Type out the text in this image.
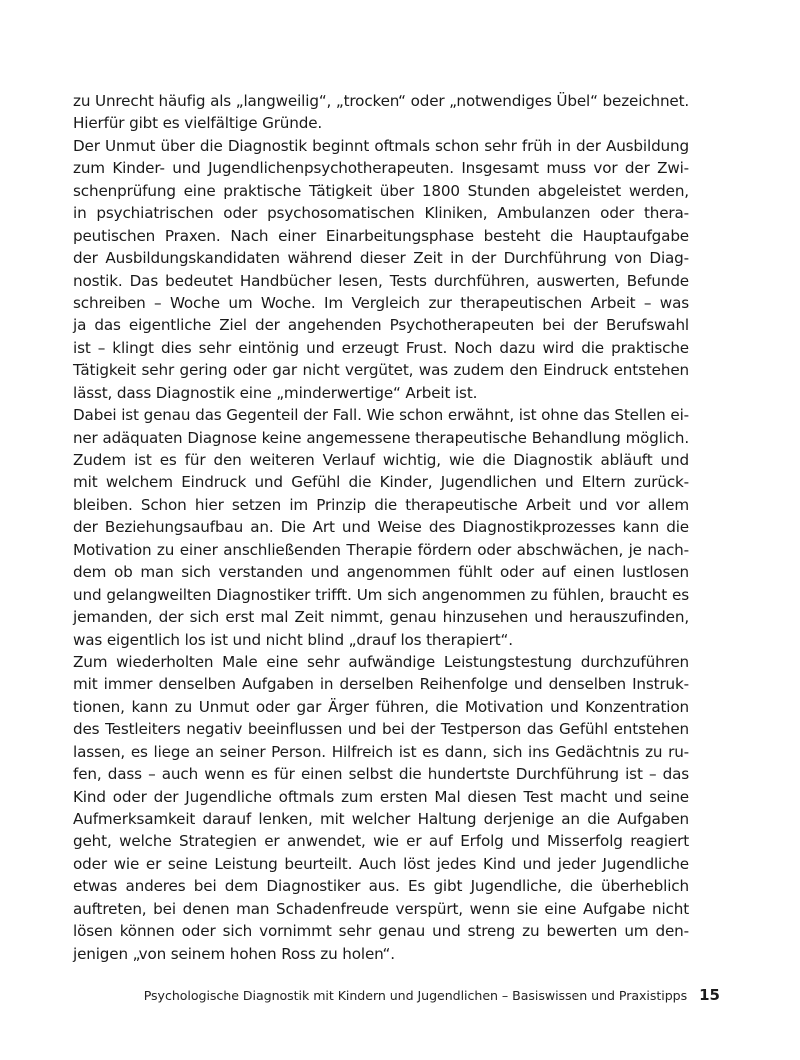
zu Unrecht häufig als „langweilig“, „trocken“ oder „notwendiges Übel“ bezeichnet.
Hierfür gibt es vielfältige Gründe.
Der Unmut über die Diagnostik beginnt oftmals schon sehr früh in der Ausbildung
zum Kinder- und Jugendlichenpsychotherapeuten. Insgesamt muss vor der Zwi-
schenprüfung eine praktische Tätigkeit über 1800 Stunden abgeleistet werden,
in psychiatrischen oder psychosomatischen Kliniken, Ambulanzen oder thera-
peutischen Praxen. Nach einer Einarbeitungsphase besteht die Hauptaufgabe
der Ausbildungskandidaten während dieser Zeit in der Durchführung von Diag-
nostik. Das bedeutet Handbücher lesen, Tests durchführen, auswerten, Befunde
schreiben – Woche um Woche. Im Vergleich zur therapeutischen Arbeit – was
ja das eigentliche Ziel der angehenden Psychotherapeuten bei der Berufswahl
ist – klingt dies sehr eintönig und erzeugt Frust. Noch dazu wird die praktische
Tätigkeit sehr gering oder gar nicht vergütet, was zudem den Eindruck entstehen
lässt, dass Diagnostik eine „minderwertige“ Arbeit ist.
Dabei ist genau das Gegenteil der Fall. Wie schon erwähnt, ist ohne das Stellen ei-
ner adäquaten Diagnose keine angemessene therapeutische Behandlung möglich.
Zudem ist es für den weiteren Verlauf wichtig, wie die Diagnostik abläuft und
mit welchem Eindruck und Gefühl die Kinder, Jugendlichen und Eltern zurück-
bleiben. Schon hier setzen im Prinzip die therapeutische Arbeit und vor allem
der Beziehungsaufbau an. Die Art und Weise des Diagnostikprozesses kann die
Motivation zu einer anschließenden Therapie fördern oder abschwächen, je nach-
dem ob man sich verstanden und angenommen fühlt oder auf einen lustlosen
und gelangweilten Diagnostiker trifft. Um sich angenommen zu fühlen, braucht es
jemanden, der sich erst mal Zeit nimmt, genau hinzusehen und herauszufinden,
was eigentlich los ist und nicht blind „drauf los therapiert“.
Zum wiederholten Male eine sehr aufwändige Leistungstestung durchzuführen
mit immer denselben Aufgaben in derselben Reihenfolge und denselben Instruk-
tionen, kann zu Unmut oder gar Ärger führen, die Motivation und Konzentration
des Testleiters negativ beeinflussen und bei der Testperson das Gefühl entstehen
lassen, es liege an seiner Person. Hilfreich ist es dann, sich ins Gedächtnis zu ru-
fen, dass – auch wenn es für einen selbst die hundertste Durchführung ist – das
Kind oder der Jugendliche oftmals zum ersten Mal diesen Test macht und seine
Aufmerksamkeit darauf lenken, mit welcher Haltung derjenige an die Aufgaben
geht, welche Strategien er anwendet, wie er auf Erfolg und Misserfolg reagiert
oder wie er seine Leistung beurteilt. Auch löst jedes Kind und jeder Jugendliche
etwas anderes bei dem Diagnostiker aus. Es gibt Jugendliche, die überheblich
auftreten, bei denen man Schadenfreude verspürt, wenn sie eine Aufgabe nicht
lösen können oder sich vornimmt sehr genau und streng zu bewerten um den-
jenigen „von seinem hohen Ross zu holen“.
Psychologische Diagnostik mit Kindern und Jugendlichen – Basiswissen und Praxistipps 15
